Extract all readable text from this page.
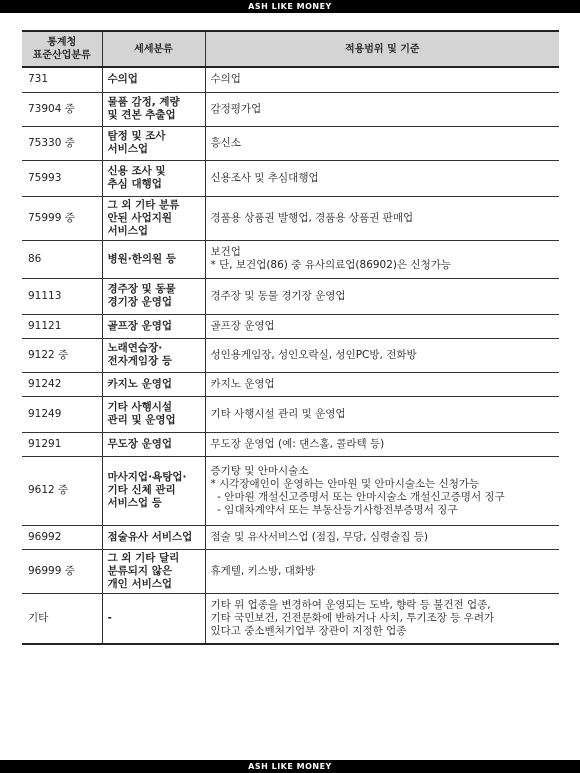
ASH LIKE MONEY
통계청
표준산업분류	세세분류	적용범위 및 기준
731	수의업	수의업

73904 중	물품 감정, 계량
및 견본 추출업	감정평가업

75330 중	탐정 및 조사
서비스업	흥신소

75993	신용 조사 및
추심 대행업	신용조사 및 추심대행업

75999 중	그 외 기타 분류
안된 사업지원
서비스업	경품용 상품권 발행업, 경품용 상품권 판매업

86	병원·한의원 등	보건업
* 단, 보건업(86) 중 유사의료업(86902)은 신청가능

91113	경주장 및 동물
경기장 운영업	경주장 및 동물 경기장 운영업

91121	골프장 운영업	골프장 운영업

9122 중	노래연습장·
전자게임장 등	성인용게임장, 성인오락실, 성인PC방, 전화방

91242	카지노 운영업	카지노 운영업

91249	기타 사행시설
관리 및 운영업	기타 사행시설 관리 및 운영업

91291	무도장 운영업	무도장 운영업 (예: 댄스홀, 콜라텍 등)

9612 중	마사지업·욕탕업·
기타 신체 관리
서비스업 등	증기탕 및 안마시술소
* 시각장애인이 운영하는 안마원 및 안마시술소는 신청가능
- 안마원 개설신고증명서 또는 안마시술소 개설신고증명서 징구
- 임대차계약서 또는 부동산등기사항전부증명서 징구

96992	점술유사 서비스업	점술 및 유사서비스업 (점집, 무당, 심령술집 등)

96999 중	그 외 기타 달리
분류되지 않은
개인 서비스업	휴게텔, 키스방, 대화방

기타	-	기타 위 업종을 변경하여 운영되는 도박, 향락 등 불건전 업종,
기타 국민보건, 건전문화에 반하거나 사치, 투기조장 등 우려가
있다고 중소벤처기업부 장관이 지정한 업종
ASH LIKE MONEY
